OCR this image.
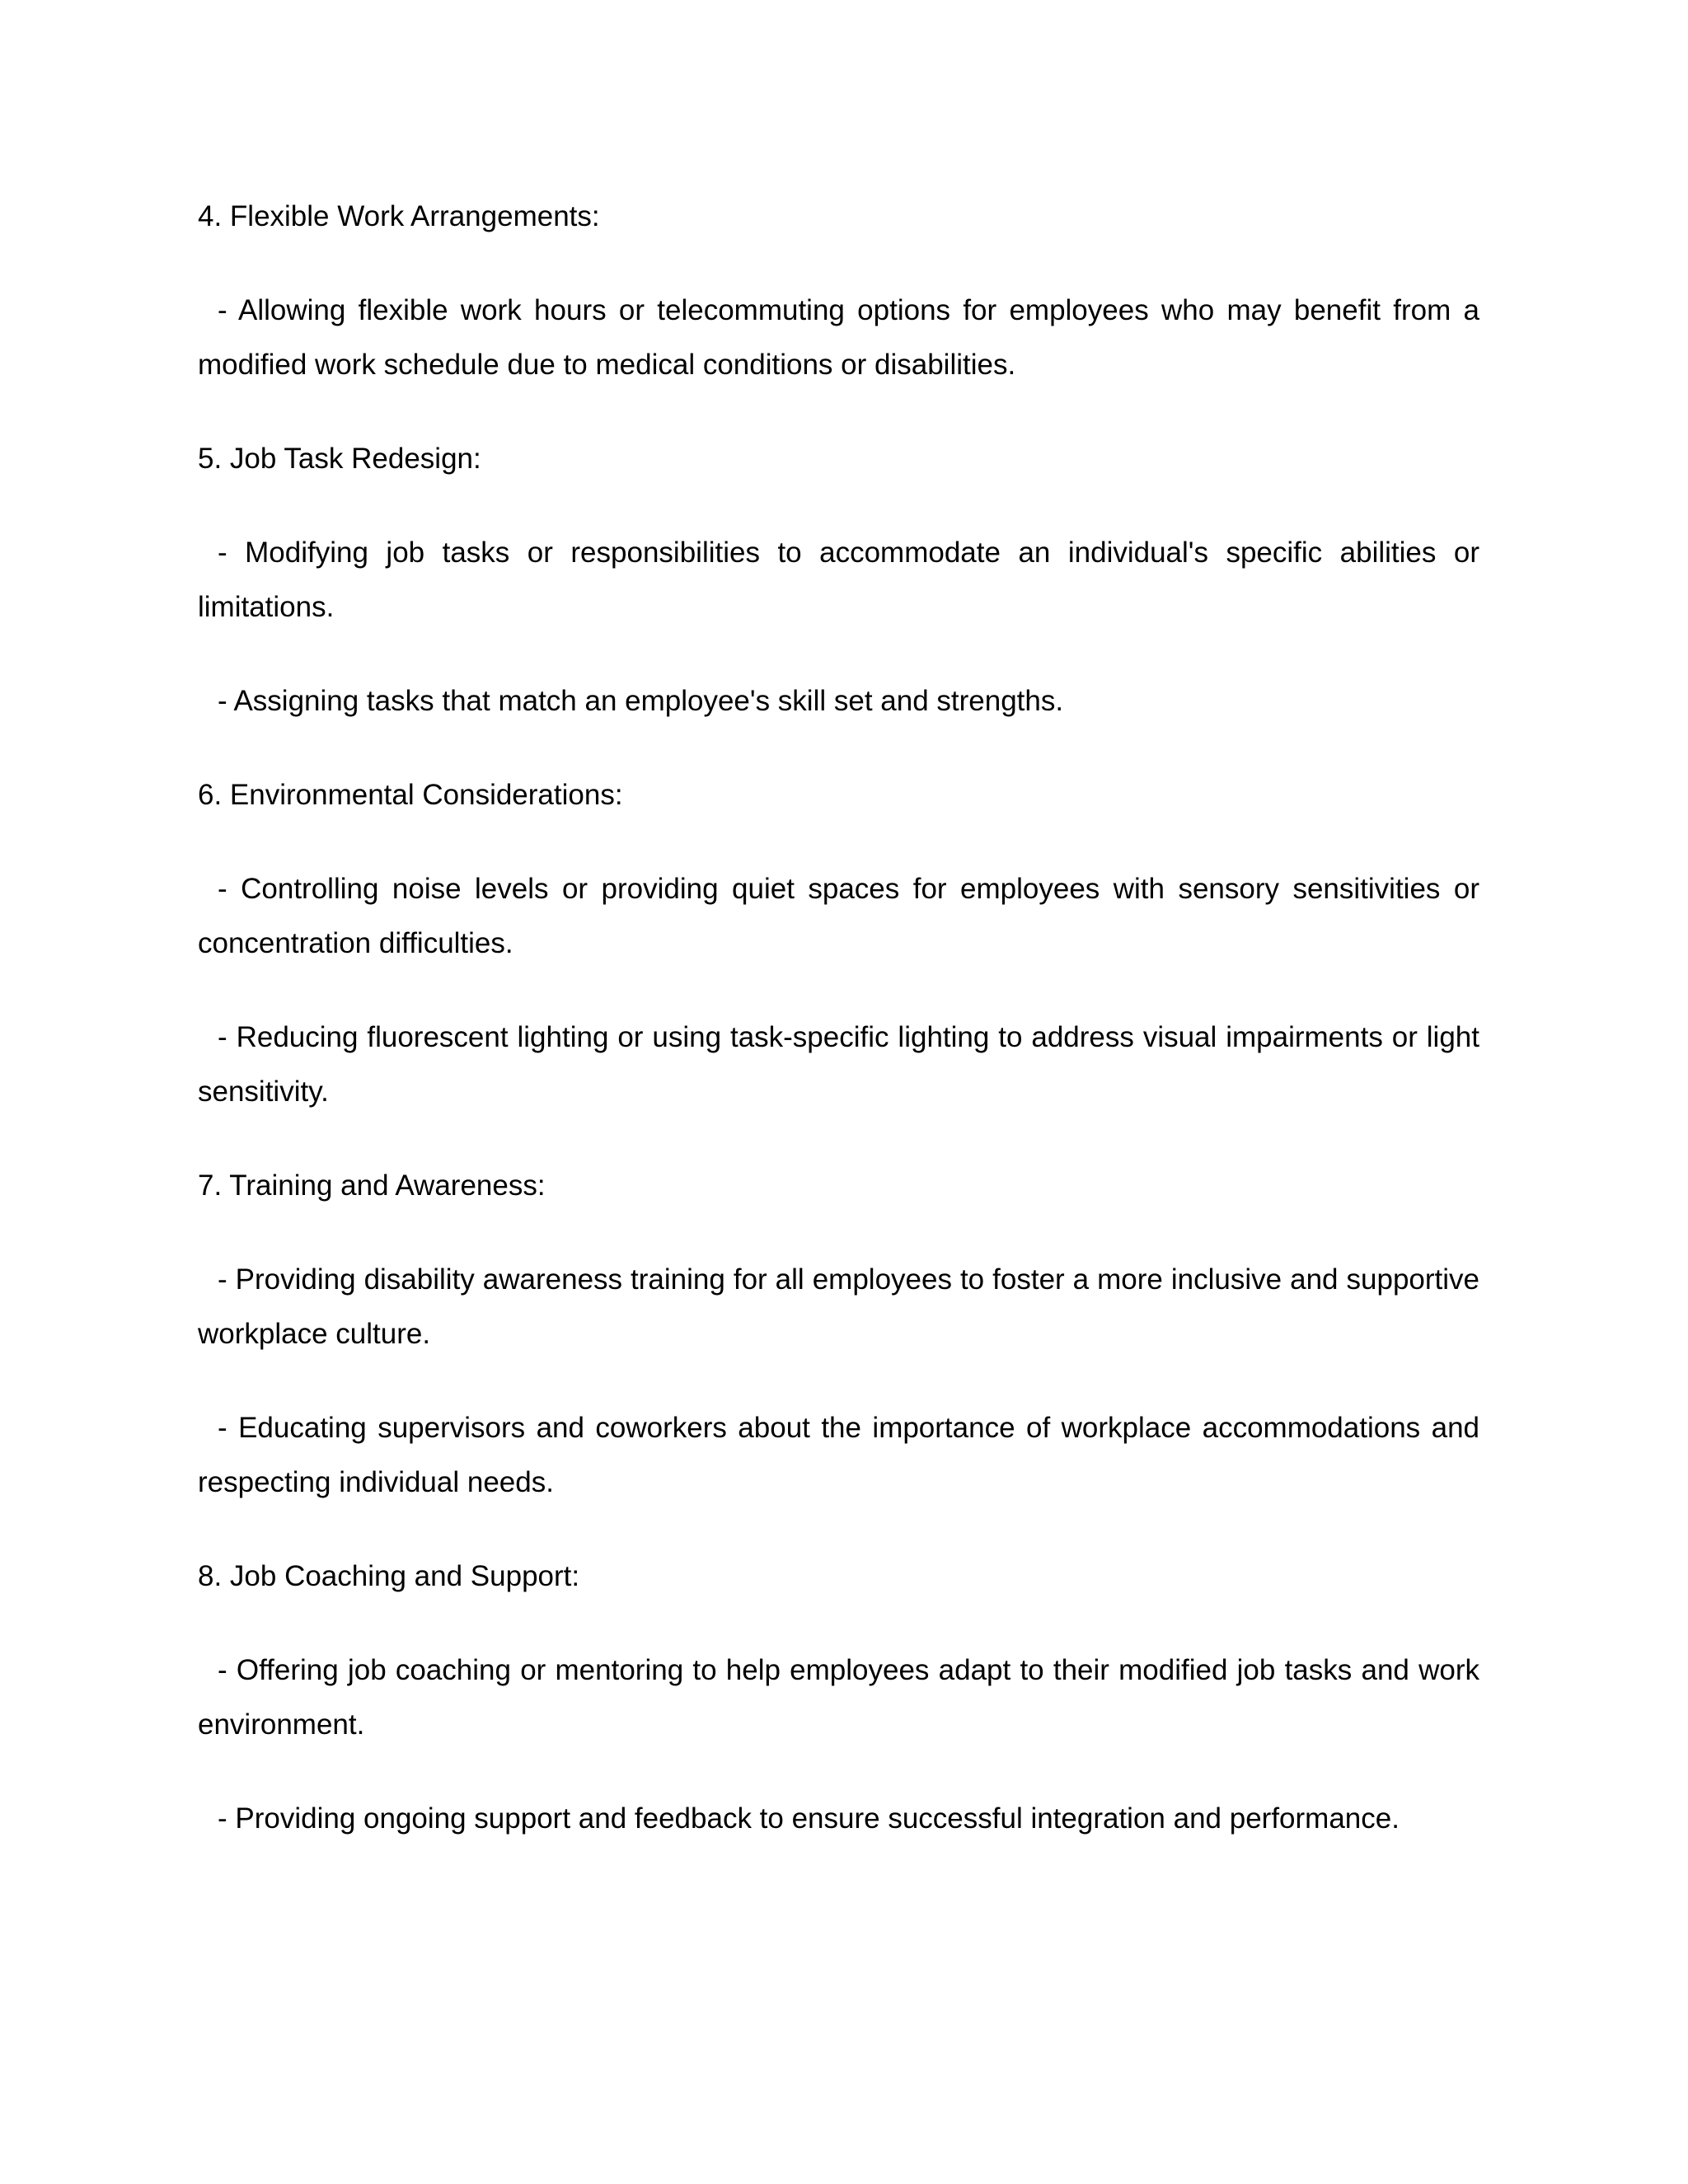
4. Flexible Work Arrangements:

- Allowing flexible work hours or telecommuting options for employees who may benefit from a modified work schedule due to medical conditions or disabilities.

5. Job Task Redesign:

- Modifying job tasks or responsibilities to accommodate an individual's specific abilities or limitations.

- Assigning tasks that match an employee's skill set and strengths.

6. Environmental Considerations:

- Controlling noise levels or providing quiet spaces for employees with sensory sensitivities or concentration difficulties.

- Reducing fluorescent lighting or using task-specific lighting to address visual impairments or light sensitivity.

7. Training and Awareness:

- Providing disability awareness training for all employees to foster a more inclusive and supportive workplace culture.

- Educating supervisors and coworkers about the importance of workplace accommodations and respecting individual needs.

8. Job Coaching and Support:

- Offering job coaching or mentoring to help employees adapt to their modified job tasks and work environment.

- Providing ongoing support and feedback to ensure successful integration and performance.
